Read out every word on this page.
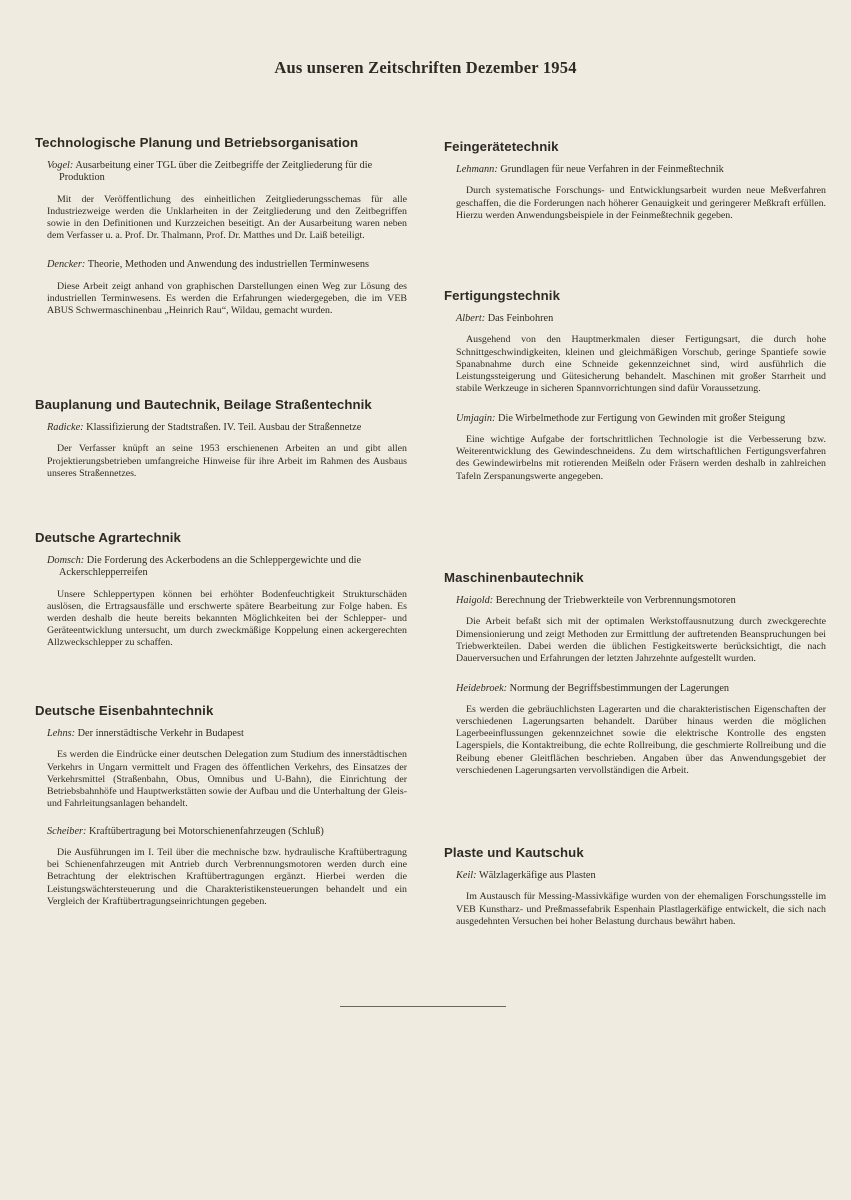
Aus unseren Zeitschriften Dezember 1954
Technologische Planung und Betriebsorganisation
Vogel: Ausarbeitung einer TGL über die Zeitbegriffe der Zeitgliederung für die Produktion
Mit der Veröffentlichung des einheitlichen Zeitgliederungsschemas für alle Industriezweige werden die Unklarheiten in der Zeitgliederung und den Zeitbegriffen sowie in den Definitionen und Kurzzeichen beseitigt. An der Ausarbeitung waren neben dem Verfasser u. a. Prof. Dr. Thalmann, Prof. Dr. Matthes und Dr. Laiß beteiligt.
Dencker: Theorie, Methoden und Anwendung des industriellen Terminwesens
Diese Arbeit zeigt anhand von graphischen Darstellungen einen Weg zur Lösung des industriellen Terminwesens. Es werden die Erfahrungen wiedergegeben, die im VEB ABUS Schwermaschinenbau „Heinrich Rau“, Wildau, gemacht wurden.
Bauplanung und Bautechnik, Beilage Straßentechnik
Radicke: Klassifizierung der Stadtstraßen. IV. Teil. Ausbau der Straßennetze
Der Verfasser knüpft an seine 1953 erschienenen Arbeiten an und gibt allen Projektierungsbetrieben umfangreiche Hinweise für ihre Arbeit im Rahmen des Ausbaus unseres Straßennetzes.
Deutsche Agrartechnik
Domsch: Die Forderung des Ackerbodens an die Schleppergewichte und die Ackerschlepperreifen
Unsere Schleppertypen können bei erhöhter Bodenfeuchtigkeit Strukturschäden auslösen, die Ertragsausfälle und erschwerte spätere Bearbeitung zur Folge haben. Es werden deshalb die heute bereits bekannten Möglichkeiten bei der Schlepper- und Geräteentwicklung untersucht, um durch zweckmäßige Koppelung einen ackergerechten Allzweckschlepper zu schaffen.
Deutsche Eisenbahntechnik
Lehns: Der innerstädtische Verkehr in Budapest
Es werden die Eindrücke einer deutschen Delegation zum Studium des innerstädtischen Verkehrs in Ungarn vermittelt und Fragen des öffentlichen Verkehrs, des Einsatzes der Verkehrsmittel (Straßenbahn, Obus, Omnibus und U-Bahn), die Einrichtung der Betriebsbahnhöfe und Hauptwerkstätten sowie der Aufbau und die Unterhaltung der Gleis- und Fahrleitungsanlagen behandelt.
Scheiber: Kraftübertragung bei Motorschienenfahrzeugen (Schluß)
Die Ausführungen im I. Teil über die mechnische bzw. hydraulische Kraftübertragung bei Schienenfahrzeugen mit Antrieb durch Verbrennungsmotoren werden durch eine Betrachtung der elektrischen Kraftübertragungen ergänzt. Hierbei werden die Leistungswächtersteuerung und die Charakteristikensteuerungen behandelt und ein Vergleich der Kraftübertragungseinrichtungen gegeben.
Feingerätetechnik
Lehmann: Grundlagen für neue Verfahren in der Feinmeßtechnik
Durch systematische Forschungs- und Entwicklungsarbeit wurden neue Meßverfahren geschaffen, die die Forderungen nach höherer Genauigkeit und geringerer Meßkraft erfüllen. Hierzu werden Anwendungsbeispiele in der Feinmeßtechnik gegeben.
Fertigungstechnik
Albert: Das Feinbohren
Ausgehend von den Hauptmerkmalen dieser Fertigungsart, die durch hohe Schnittgeschwindigkeiten, kleinen und gleichmäßigen Vorschub, geringe Spantiefe sowie Spanabnahme durch eine Schneide gekennzeichnet sind, wird ausführlich die Leistungssteigerung und Gütesicherung behandelt. Maschinen mit großer Starrheit und stabile Werkzeuge in sicheren Spannvorrichtungen sind dafür Voraussetzung.
Umjagin: Die Wirbelmethode zur Fertigung von Gewinden mit großer Steigung
Eine wichtige Aufgabe der fortschrittlichen Technologie ist die Verbesserung bzw. Weiterentwicklung des Gewindeschneidens. Zu dem wirtschaftlichen Fertigungsverfahren des Gewindewirbelns mit rotierenden Meißeln oder Fräsern werden deshalb in zahlreichen Tafeln Zerspanungswerte angegeben.
Maschinenbautechnik
Haigold: Berechnung der Triebwerkteile von Verbrennungsmotoren
Die Arbeit befaßt sich mit der optimalen Werkstoffausnutzung durch zweckgerechte Dimensionierung und zeigt Methoden zur Ermittlung der auftretenden Beanspruchungen bei Triebwerkteilen. Dabei werden die üblichen Festigkeitswerte berücksichtigt, die nach Dauerversuchen und Erfahrungen der letzten Jahrzehnte aufgestellt wurden.
Heidebroek: Normung der Begriffsbestimmungen der Lagerungen
Es werden die gebräuchlichsten Lagerarten und die charakteristischen Eigenschaften der verschiedenen Lagerungsarten behandelt. Darüber hinaus werden die möglichen Lagerbeeinflussungen gekennzeichnet sowie die elektrische Kontrolle des engsten Lagerspiels, die Kontaktreibung, die echte Rollreibung, die geschmierte Rollreibung und die Reibung ebener Gleitflächen beschrieben. Angaben über das Anwendungsgebiet der verschiedenen Lagerungsarten vervollständigen die Arbeit.
Plaste und Kautschuk
Keil: Wälzlagerkäfige aus Plasten
Im Austausch für Messing-Massivkäfige wurden von der ehemaligen Forschungsstelle im VEB Kunstharz- und Preßmassefabrik Espenhain Plastlagerkäfige entwickelt, die sich nach ausgedehnten Versuchen bei hoher Belastung durchaus bewährt haben.
